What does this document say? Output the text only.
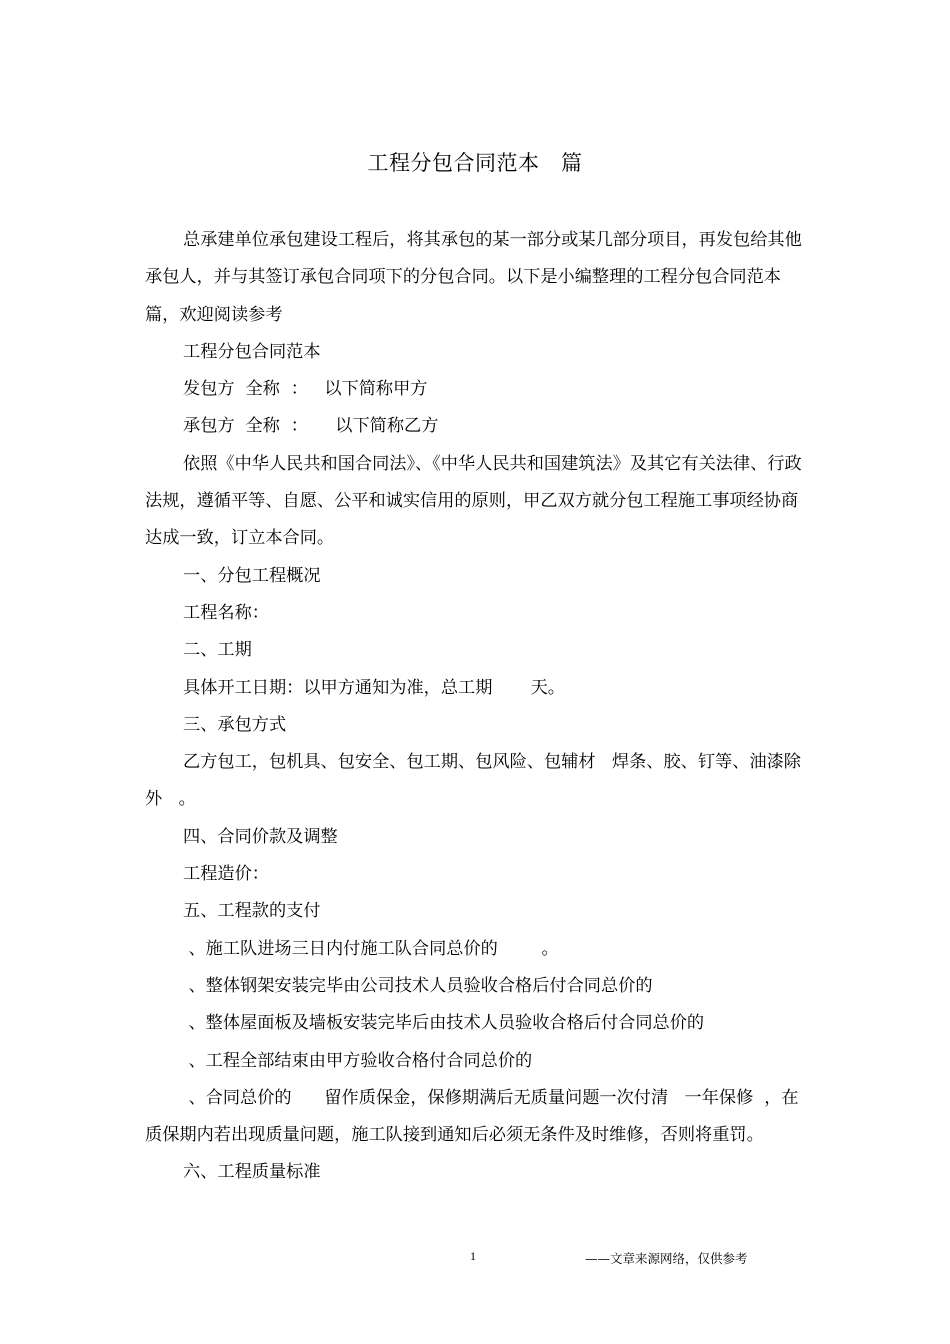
工程分包合同范本　篇

总承建单位承包建设工程后，将其承包的某一部分或某几部分项目，再发包给其他承包人，并与其签订承包合同项下的分包合同。以下是小编整理的工程分包合同范本　篇，欢迎阅读参考

工程分包合同范本

发包方  全称  ：   以下简称甲方

承包方  全称  ：     以下简称乙方

依照《中华人民共和国合同法》、《中华人民共和国建筑法》及其它有关法律、行政法规，遵循平等、自愿、公平和诚实信用的原则，甲乙双方就分包工程施工事项经协商达成一致，订立本合同。

一、分包工程概况

工程名称：

二、工期

具体开工日期：以甲方通知为准，总工期       天。

三、承包方式

乙方包工，包机具、包安全、包工期、包风险、包辅材   焊条、胶、钉等、油漆除外   。

四、合同价款及调整

工程造价：

五、工程款的支付

、施工队进场三日内付施工队合同总价的        。

、整体钢架安装完毕由公司技术人员验收合格后付合同总价的

、整体屋面板及墙板安装完毕后由技术人员验收合格后付合同总价的

、工程全部结束由甲方验收合格付合同总价的

、合同总价的      留作质保金，保修期满后无质量问题一次付清   一年保修  ，在质保期内若出现质量问题，施工队接到通知后必须无条件及时维修，否则将重罚。

六、工程质量标准

1	——文章来源网络，仅供参考
